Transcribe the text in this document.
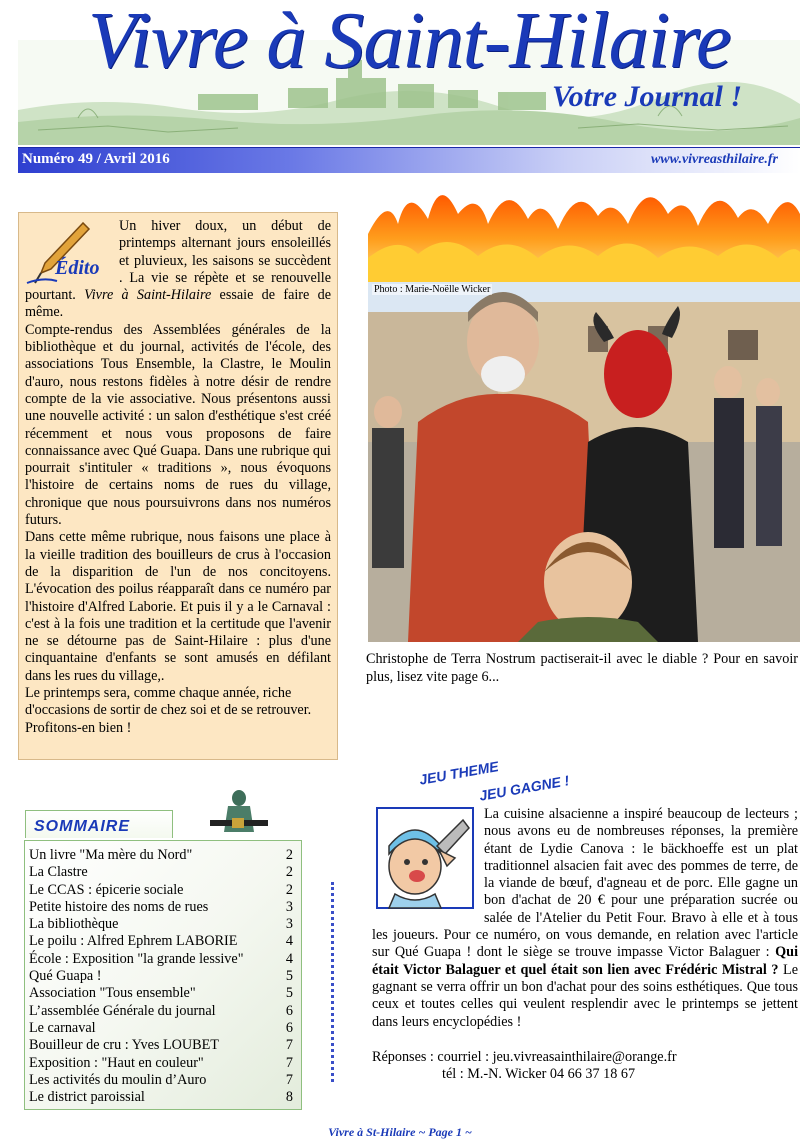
Vivre à Saint-Hilaire
Votre Journal !
Numéro 49 / Avril 2016	www.vivreasthilaire.fr
Édito

Un hiver doux, un début de printemps alternant jours ensoleillés et pluvieux, les saisons se succèdent . La vie se répète et se renouvelle pourtant. Vivre à Saint-Hilaire essaie de faire de même.

Compte-rendus des Assemblées générales de la bibliothèque et du journal, activités de l'école, des associations Tous Ensemble, la Clastre, le Moulin d'auro, nous restons fidèles à notre désir de rendre compte de la vie associative. Nous présentons aussi une nouvelle activité : un salon d'esthétique s'est créé récemment et nous vous proposons de faire connaissance avec Qué Guapa. Dans une rubrique qui pourrait s'intituler « traditions », nous évoquons l'histoire de certains noms de rues du village, chronique que nous poursuivrons dans nos numéros futurs.

Dans cette même rubrique, nous faisons une place à la vieille tradition des bouilleurs de crus à l'occasion de la disparition de l'un de nos concitoyens. L'évocation des poilus réapparaît dans ce numéro par l'histoire d'Alfred Laborie. Et puis il y a le Carnaval : c'est à la fois une tradition et la certitude que l'avenir ne se détourne pas de Saint-Hilaire : plus d'une cinquantaine d'enfants se sont amusés en défilant dans les rues du village,.

Le printemps sera, comme chaque année, riche d'occasions de sortir de chez soi et de se retrouver. Profitons-en bien !

Photo : Marie-Noëlle Wicker

Christophe de Terra Nostrum pactiserait-il avec le diable ? Pour en savoir plus, lisez vite page 6...

SOMMAIRE
Un livre "Ma mère du Nord"	2
La Clastre	2
Le CCAS : épicerie sociale	2
Petite histoire des noms de rues	3
La bibliothèque	3
Le poilu : Alfred Ephrem LABORIE	4
École : Exposition "la grande lessive"	4
Qué Guapa !	5
Association "Tous ensemble"	5
L’assemblée Générale du journal	6
Le carnaval	6
Bouilleur de cru : Yves LOUBET	7
Exposition : "Haut en couleur"	7
Les activités du moulin d’Auro	7
Le district paroissial	8
JEU THEME
JEU GAGNE !
La cuisine alsacienne a inspiré beaucoup de lecteurs ; nous avons eu de nombreuses réponses, la première étant de Lydie Canova : le bäckhoeffe est un plat traditionnel alsacien fait avec des pommes de terre, de la viande de bœuf, d'agneau et de porc. Elle gagne un bon d'achat de 20 € pour une préparation sucrée ou salée de l'Atelier du Petit Four. Bravo à elle et à tous les joueurs. Pour ce numéro, on vous demande, en relation avec l'article sur Qué Guapa ! dont le siège se trouve impasse Victor Balaguer : Qui était Victor Balaguer et quel était son lien avec Frédéric Mistral ? Le gagnant se verra offrir un bon d'achat pour des soins esthétiques. Que tous ceux et toutes celles qui veulent resplendir avec le printemps se jettent dans leurs encyclopédies !
Réponses : courriel : jeu.vivreasainthilaire@orange.fr
tél : M.-N. Wicker 04 66 37 18 67
Vivre à St-Hilaire ~ Page 1 ~
